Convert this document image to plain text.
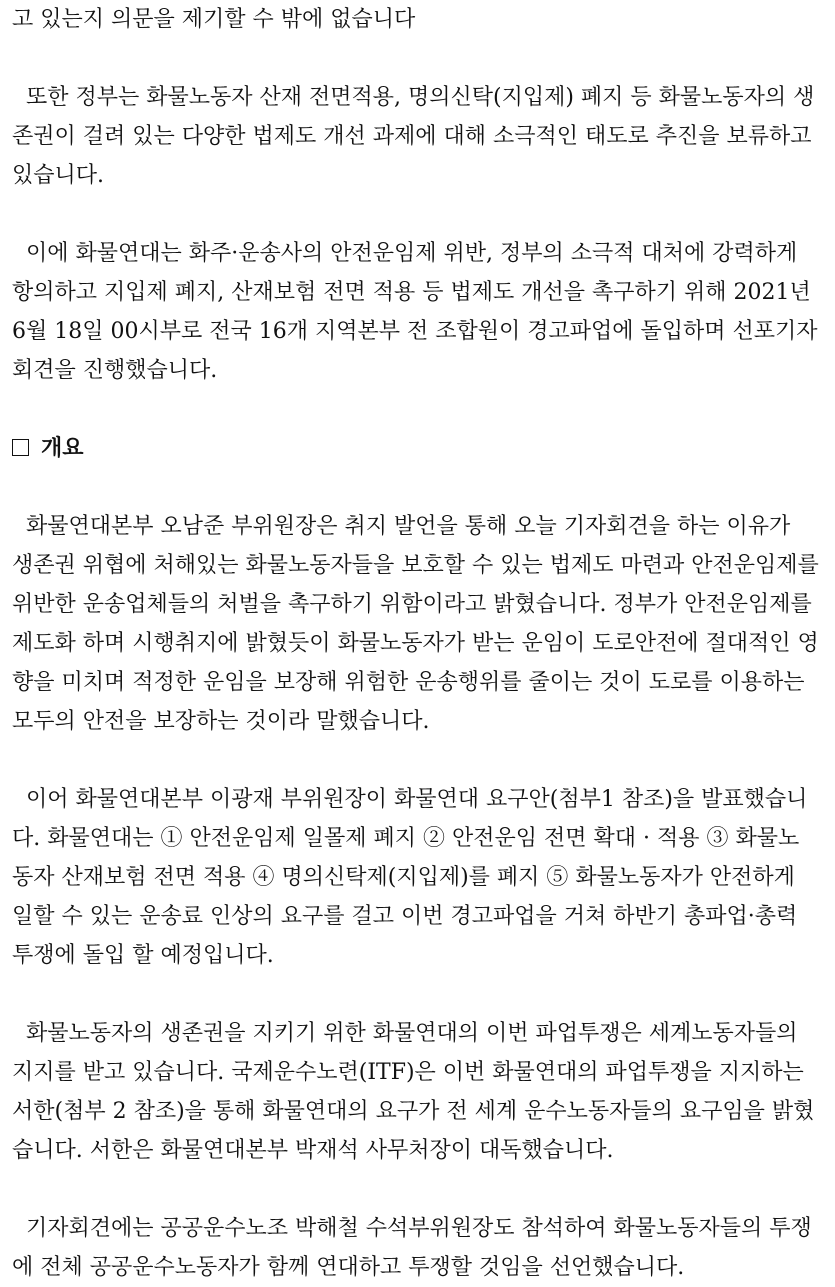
고 있는지 의문을 제기할 수 밖에 없습니다

또한 정부는 화물노동자 산재 전면적용, 명의신탁(지입제) 폐지 등 화물노동자의 생
존권이 걸려 있는 다양한 법제도 개선 과제에 대해 소극적인 태도로 추진을 보류하고
있습니다.

이에 화물연대는 화주·운송사의 안전운임제 위반, 정부의 소극적 대처에 강력하게
항의하고 지입제 폐지, 산재보험 전면 적용 등 법제도 개선을 촉구하기 위해 2021년
6월 18일 00시부로 전국 16개 지역본부 전 조합원이 경고파업에 돌입하며 선포기자
회견을 진행했습니다.

개요

화물연대본부 오남준 부위원장은 취지 발언을 통해 오늘 기자회견을 하는 이유가
생존권 위협에 처해있는 화물노동자들을 보호할 수 있는 법제도 마련과 안전운임제를
위반한 운송업체들의 처벌을 촉구하기 위함이라고 밝혔습니다. 정부가 안전운임제를
제도화 하며 시행취지에 밝혔듯이 화물노동자가 받는 운임이 도로안전에 절대적인 영
향을 미치며 적정한 운임을 보장해 위험한 운송행위를 줄이는 것이 도로를 이용하는
모두의 안전을 보장하는 것이라 말했습니다.

이어 화물연대본부 이광재 부위원장이 화물연대 요구안(첨부1 참조)을 발표했습니
다. 화물연대는 ① 안전운임제 일몰제 폐지 ② 안전운임 전면 확대 · 적용 ③ 화물노
동자 산재보험 전면 적용 ④ 명의신탁제(지입제)를 폐지 ⑤ 화물노동자가 안전하게
일할 수 있는 운송료 인상의 요구를 걸고 이번 경고파업을 거쳐 하반기 총파업·총력
투쟁에 돌입 할 예정입니다.

화물노동자의 생존권을 지키기 위한 화물연대의 이번 파업투쟁은 세계노동자들의
지지를 받고 있습니다. 국제운수노련(ITF)은 이번 화물연대의 파업투쟁을 지지하는
서한(첨부 2 참조)을 통해 화물연대의 요구가 전 세계 운수노동자들의 요구임을 밝혔
습니다. 서한은 화물연대본부 박재석 사무처장이 대독했습니다.

기자회견에는 공공운수노조 박해철 수석부위원장도 참석하여 화물노동자들의 투쟁
에 전체 공공운수노동자가 함께 연대하고 투쟁할 것임을 선언했습니다.
